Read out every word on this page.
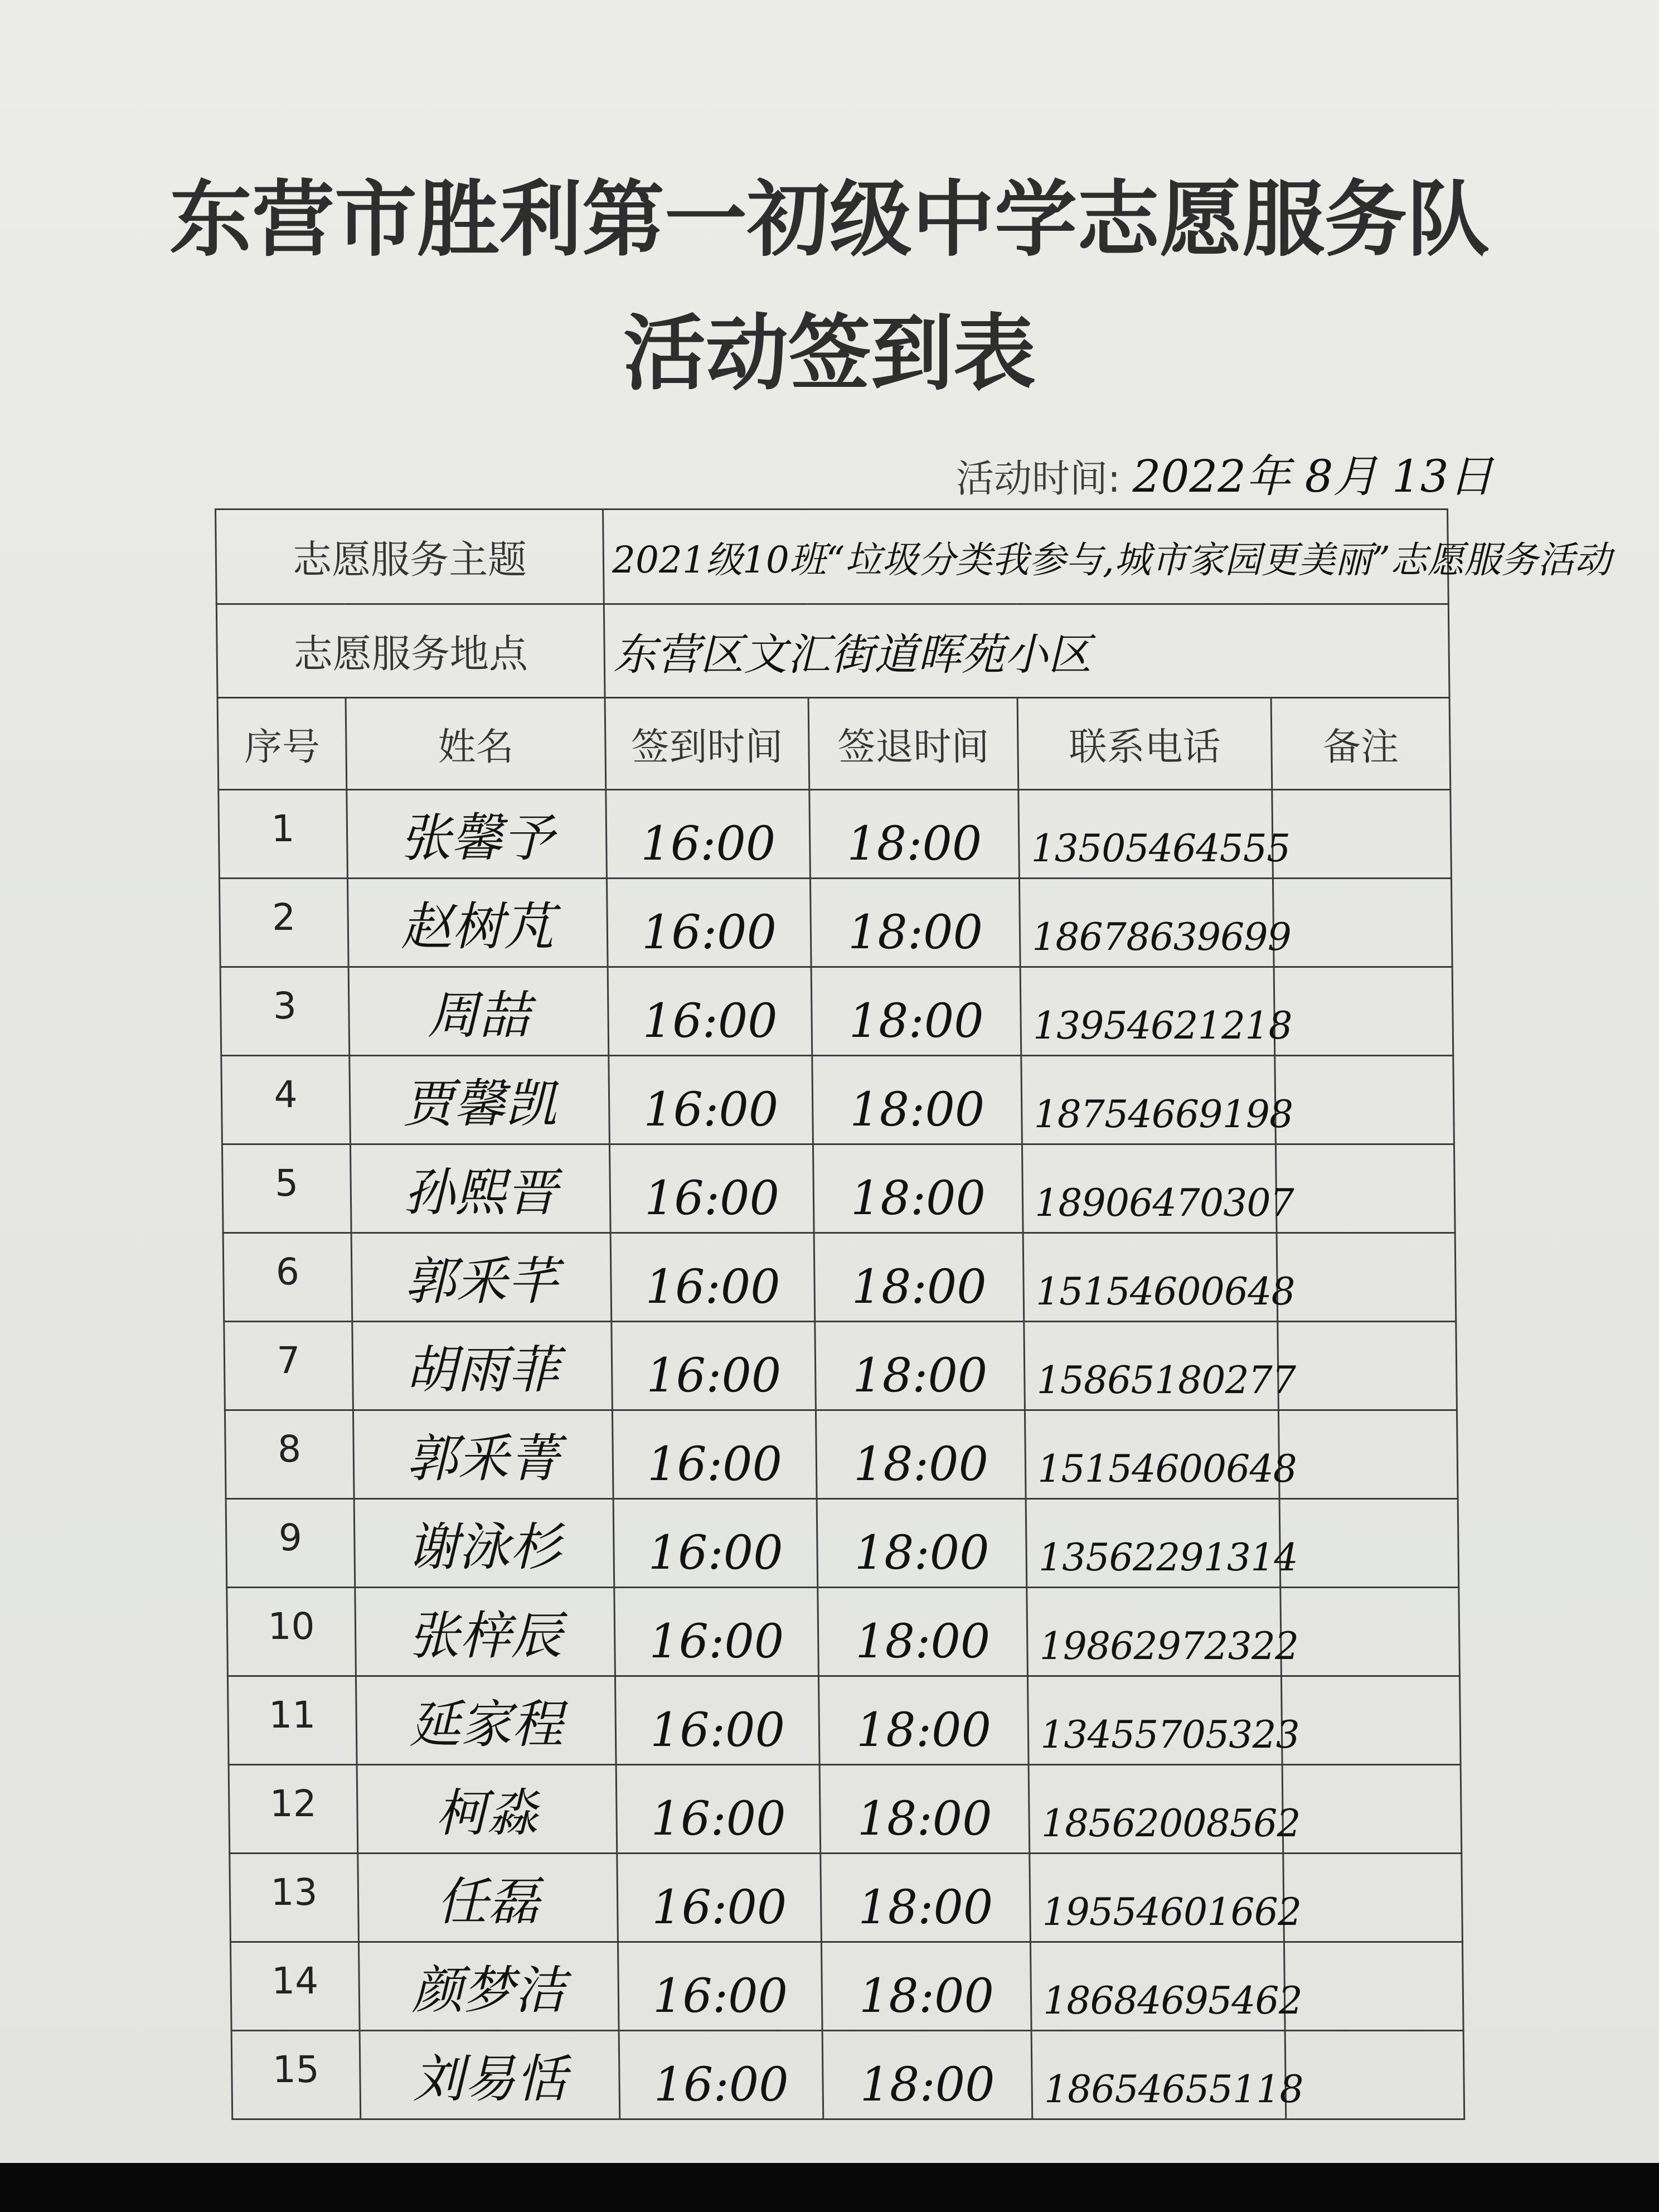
东营市胜利第一初级中学志愿服务队
活动签到表
活动时间: 2022年 8月 13日
志愿服务主题		2021级10班“垃圾分类我参与,城市家园更美丽”志愿服务活动			
志愿服务地点		东营区文汇街道晖苑小区			
序号	姓名	签到时间	签退时间	联系电话	备注
1	张馨予	16:00	18:00	13505464555	
2	赵树芃	16:00	18:00	18678639699	
3	周喆	16:00	18:00	13954621218	
4	贾馨凯	16:00	18:00	18754669198	
5	孙熙晋	16:00	18:00	18906470307	
6	郭釆芊	16:00	18:00	15154600648	
7	胡雨菲	16:00	18:00	15865180277	
8	郭釆菁	16:00	18:00	15154600648	
9	谢泳杉	16:00	18:00	13562291314	
10	张梓辰	16:00	18:00	19862972322	
11	延家程	16:00	18:00	13455705323	
12	柯淼	16:00	18:00	18562008562	
13	任磊	16:00	18:00	19554601662	
14	颜梦洁	16:00	18:00	18684695462	
15	刘易恬	16:00	18:00	18654655118	
